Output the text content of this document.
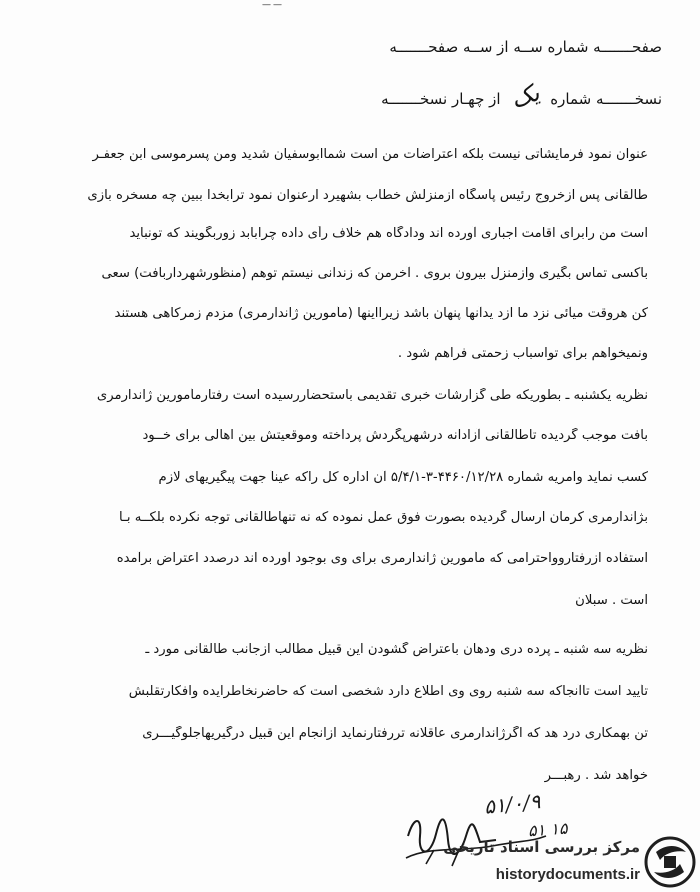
——
صفحـــــــه شماره ســه از ســه صفحـــــــه
نسخـــــــه شماره یک از چهـار نسخـــــــه
عنوان نمود فرمایشاتی نیست بلکه اعتراضات من است شماابوسفیان شدید ومن پسرموسی ابن جعفـر
طالقانی پس ازخروج رئیس پاسگاه ازمنزلش خطاب بشهیرد ارعنوان نمود ترابخدا ببین چه مسخره بازی
است من رابرای اقامت اجباری آورده اند ودادگاه هم خلاف رأی داده چرابابد زوربگویند که تونباید
باکسی تماس بگیری وازمنزل بیرون بروی . آخرمن که زندانی نیستم توهم (منظورشهرداربافت) سعی
کن هروقت میآئی نزد ما ازد یدآنها پنهان باشد زیرااینها (مأمورین ژاندارمری) مزدم زمرکاهی هستند
ونمیخواهم برای تواسباب زحمتی فراهم شود .
نظریه یکشنبه ـ بطوریکه طی گزارشات خبری تقدیمی باستحضاررسیده است رفتارمأمورین ژاندارمری
بافت موجب گردیده تاطالقانی آزادانه درشهرپگردش پرداخته وموقعیتش بین اهالی برای خــود
کسب نماید وامریه شماره ۴۴۶۰/۱۲/۲۸-۳-۵/۴/۱ آن اداره کل راکه عیناً جهت پیگیریهای لازم
بژاندارمری کرمان ارسال گردیده بصورت فوق عمل نموده که نه تنهاطالقانی توجه نکرده بلکــه بـا
استفاده ازرفتاروواحترامی که مأمورین ژاندارمری برای وی بوجود آورده اند درصدد اعتراض برآمده
است . سبلان
نظریه سه شنبه ـ پرده دری ودهان باعتراض گشودن این قبیل مطالب ازجانب طالقانی مورد ـ
تأیید است تاآنجاکه سه شنبه روی وی اطلاع دارد شخصی است که حاضرنخاطرایده وافکارتقلبش
تن بهمکاری درد هد که اگرژاندارمری عاقلانه تررفتارنماید ازانجام این قبیل درگیریهاجلوگیـــری
خواهد شد . رهبـــر
۵۱/۰/۹
۵۱ ۱۵
مرکز بررسی اسناد تاریخی
historydocuments.ir
